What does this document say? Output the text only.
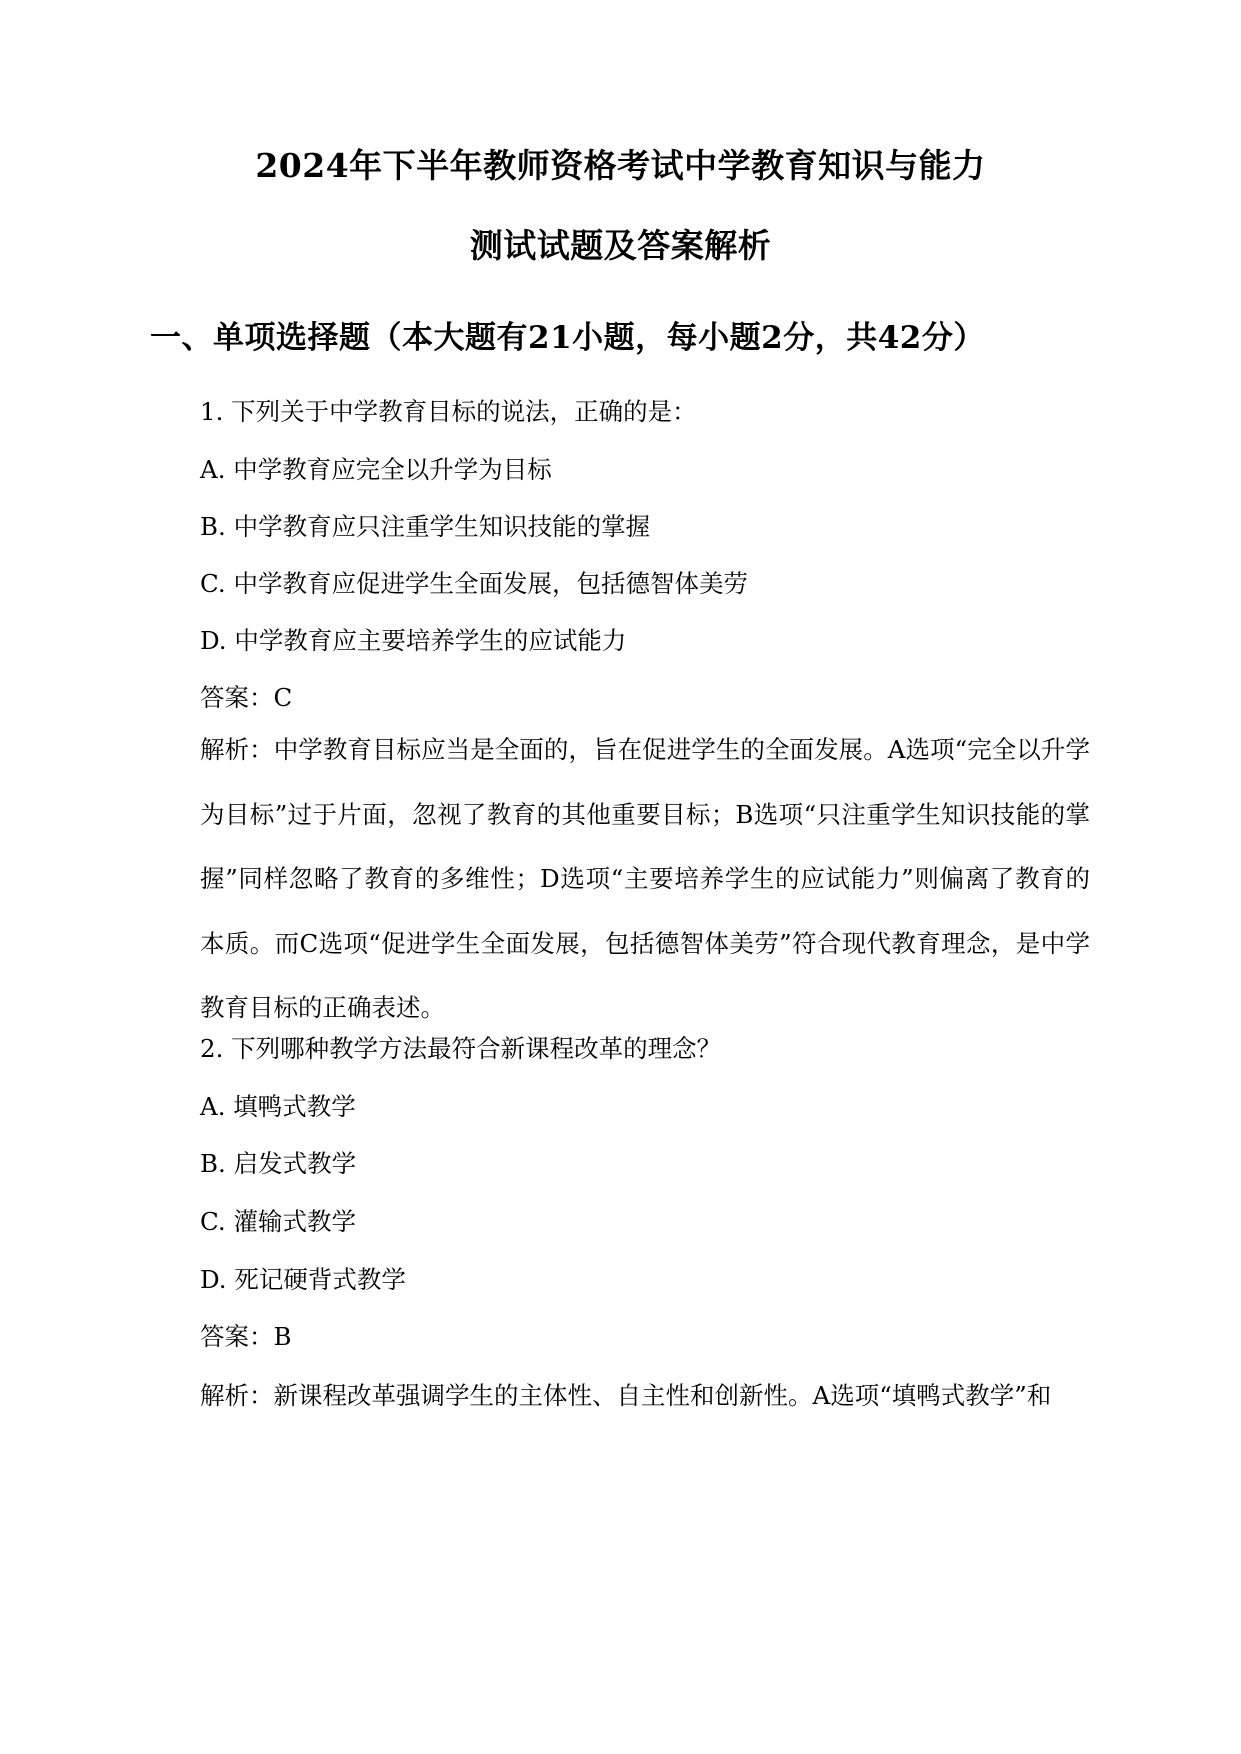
2024年下半年教师资格考试中学教育知识与能力
测试试题及答案解析
一、单项选择题（本大题有21小题，每小题2分，共42分）
1. 下列关于中学教育目标的说法，正确的是：
A. 中学教育应完全以升学为目标
B. 中学教育应只注重学生知识技能的掌握
C. 中学教育应促进学生全面发展，包括德智体美劳
D. 中学教育应主要培养学生的应试能力
答案：C
解析：中学教育目标应当是全面的，旨在促进学生的全面发展。A选项“完全以升学为目标”过于片面，忽视了教育的其他重要目标；B选项“只注重学生知识技能的掌握”同样忽略了教育的多维性；D选项“主要培养学生的应试能力”则偏离了教育的本质。而C选项“促进学生全面发展，包括德智体美劳”符合现代教育理念，是中学教育目标的正确表述。
2. 下列哪种教学方法最符合新课程改革的理念？
A. 填鸭式教学
B. 启发式教学
C. 灌输式教学
D. 死记硬背式教学
答案：B
解析：新课程改革强调学生的主体性、自主性和创新性。A选项“填鸭式教学”和
